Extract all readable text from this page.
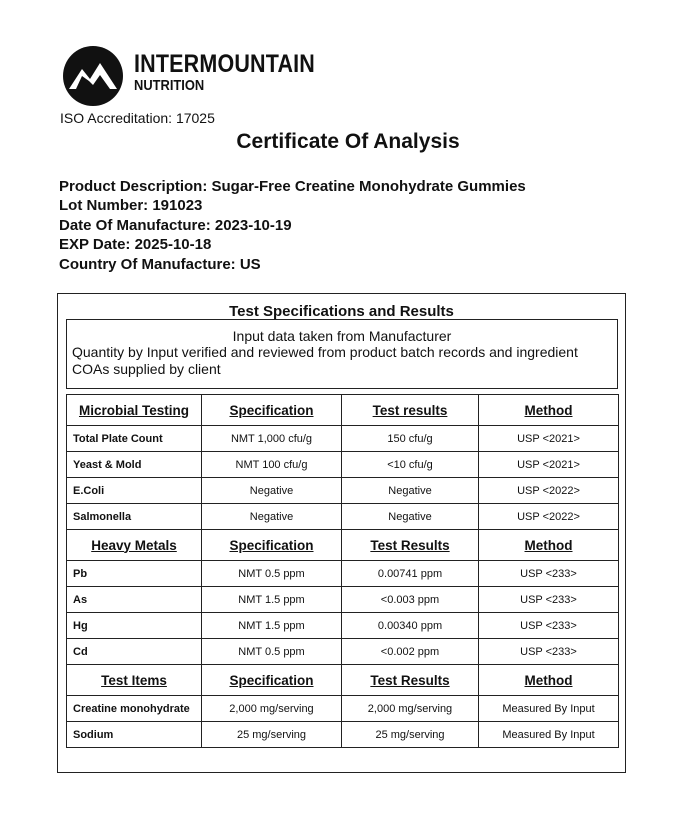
INTERMOUNTAIN
NUTRITION
ISO Accreditation: 17025
Certificate Of Analysis
Product Description: Sugar-Free Creatine Monohydrate Gummies
Lot Number: 191023
Date Of Manufacture: 2023-10-19
EXP Date: 2025-10-18
Country Of Manufacture: US
Test Specifications and Results
Input data taken from Manufacturer
Quantity by Input verified and reviewed from product batch records and ingredient COAs supplied by client
Microbial Testing	Specification	Test results	Method
Total Plate Count	NMT 1,000 cfu/g	150 cfu/g	USP <2021>
Yeast & Mold	NMT 100 cfu/g	<10 cfu/g	USP <2021>
E.Coli	Negative	Negative	USP <2022>
Salmonella	Negative	Negative	USP <2022>
Heavy Metals	Specification	Test Results	Method
Pb	NMT 0.5 ppm	0.00741 ppm	USP <233>
As	NMT 1.5 ppm	<0.003 ppm	USP <233>
Hg	NMT 1.5 ppm	0.00340 ppm	USP <233>
Cd	NMT 0.5 ppm	<0.002 ppm	USP <233>
Test Items	Specification	Test Results	Method
Creatine monohydrate	2,000 mg/serving	2,000 mg/serving	Measured By Input
Sodium	25 mg/serving	25 mg/serving	Measured By Input
